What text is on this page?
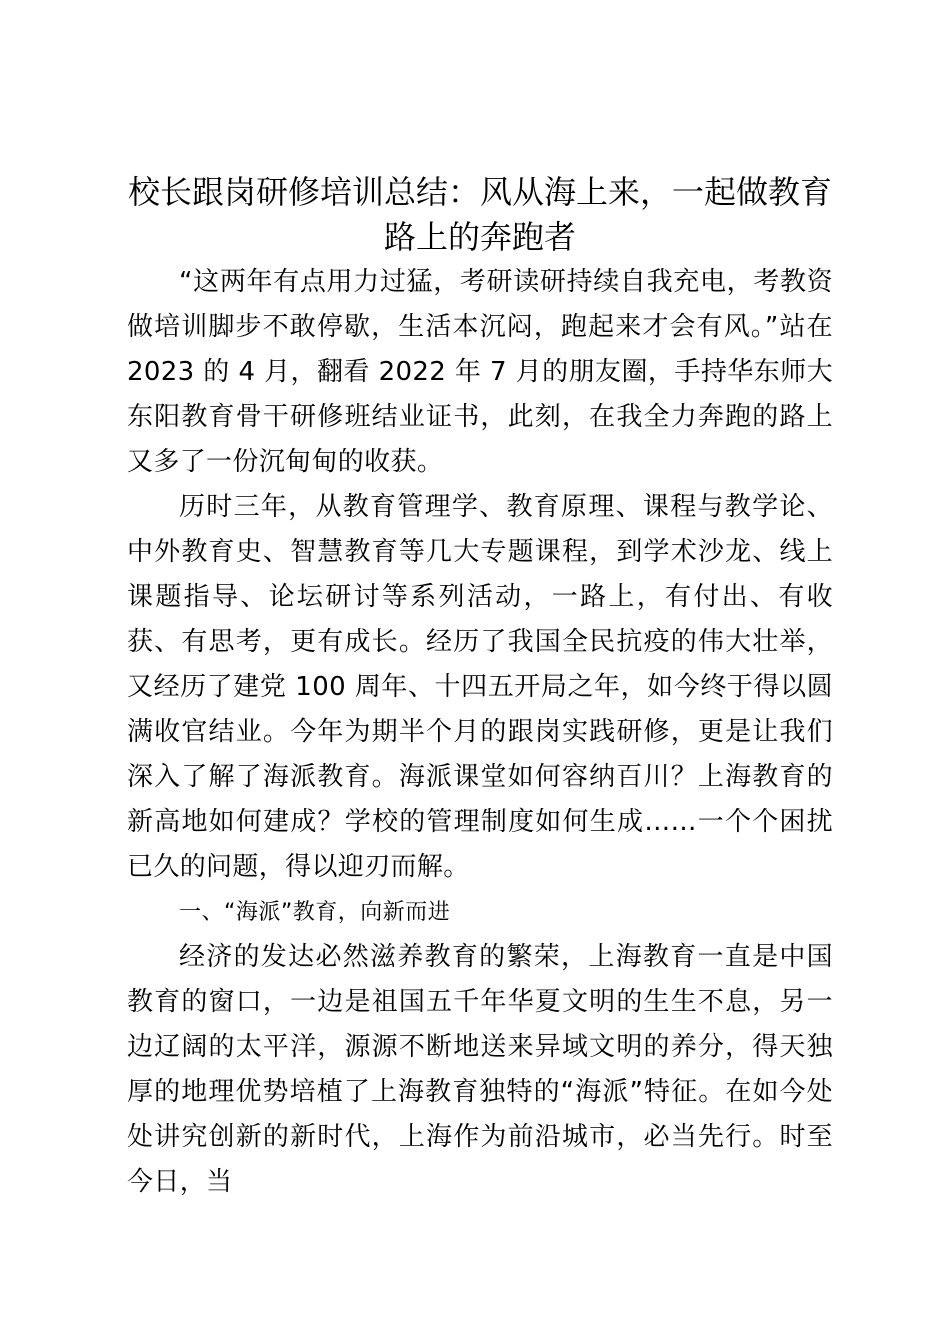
校长跟岗研修培训总结：风从海上来，一起做教育路上的奔跑者

“这两年有点用力过猛，考研读研持续自我充电，考教资做培训脚步不敢停歇，生活本沉闷，跑起来才会有风。”站在 2023 的 4 月，翻看 2022 年 7 月的朋友圈，手持华东师大东阳教育骨干研修班结业证书，此刻，在我全力奔跑的路上又多了一份沉甸甸的收获。

历时三年，从教育管理学、教育原理、课程与教学论、中外教育史、智慧教育等几大专题课程，到学术沙龙、线上课题指导、论坛研讨等系列活动，一路上，有付出、有收获、有思考，更有成长。经历了我国全民抗疫的伟大壮举，又经历了建党 100 周年、十四五开局之年，如今终于得以圆满收官结业。今年为期半个月的跟岗实践研修，更是让我们深入了解了海派教育。海派课堂如何容纳百川？上海教育的新高地如何建成？学校的管理制度如何生成……一个个困扰已久的问题，得以迎刃而解。

一、“海派”教育，向新而进

经济的发达必然滋养教育的繁荣，上海教育一直是中国教育的窗口，一边是祖国五千年华夏文明的生生不息，另一边辽阔的太平洋，源源不断地送来异域文明的养分，得天独厚的地理优势培植了上海教育独特的“海派”特征。在如今处处讲究创新的新时代，上海作为前沿城市，必当先行。时至今日，当
